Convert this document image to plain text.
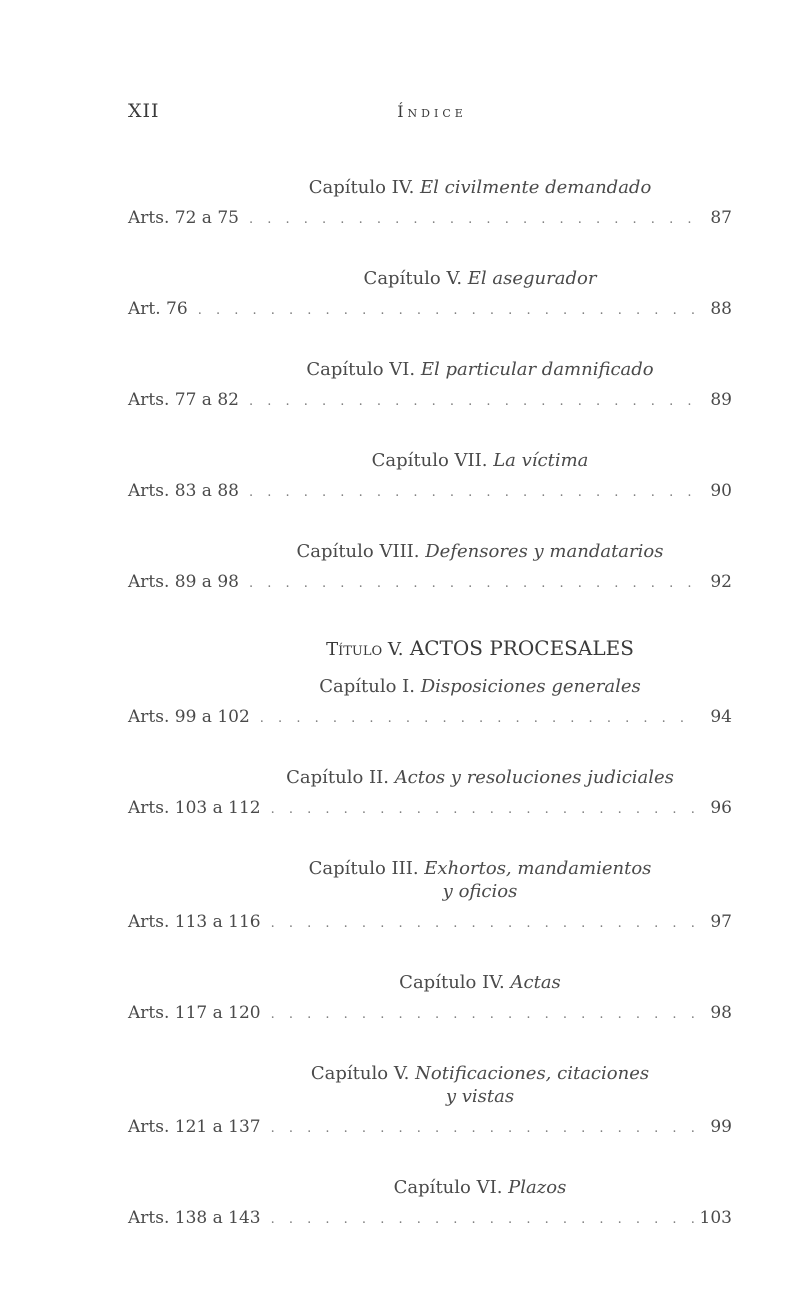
XII	Índice
Capítulo IV. El civilmente demandado
Arts. 72 a 75 . . .	87
Capítulo V. El asegurador
Art. 76 . . .	88
Capítulo VI. El particular damnificado
Arts. 77 a 82 . . .	89
Capítulo VII. La víctima
Arts. 83 a 88 . . .	90
Capítulo VIII. Defensores y mandatarios
Arts. 89 a 98 . . .	92
Título V. ACTOS PROCESALES
Capítulo I. Disposiciones generales
Arts. 99 a 102 . . .	94
Capítulo II. Actos y resoluciones judiciales
Arts. 103 a 112 . . .	96
Capítulo III. Exhortos, mandamientos
y oficios
Arts. 113 a 116 . . .	97
Capítulo IV. Actas
Arts. 117 a 120 . . .	98
Capítulo V. Notificaciones, citaciones
y vistas
Arts. 121 a 137 . . .	99
Capítulo VI. Plazos
Arts. 138 a 143 . . .	103
